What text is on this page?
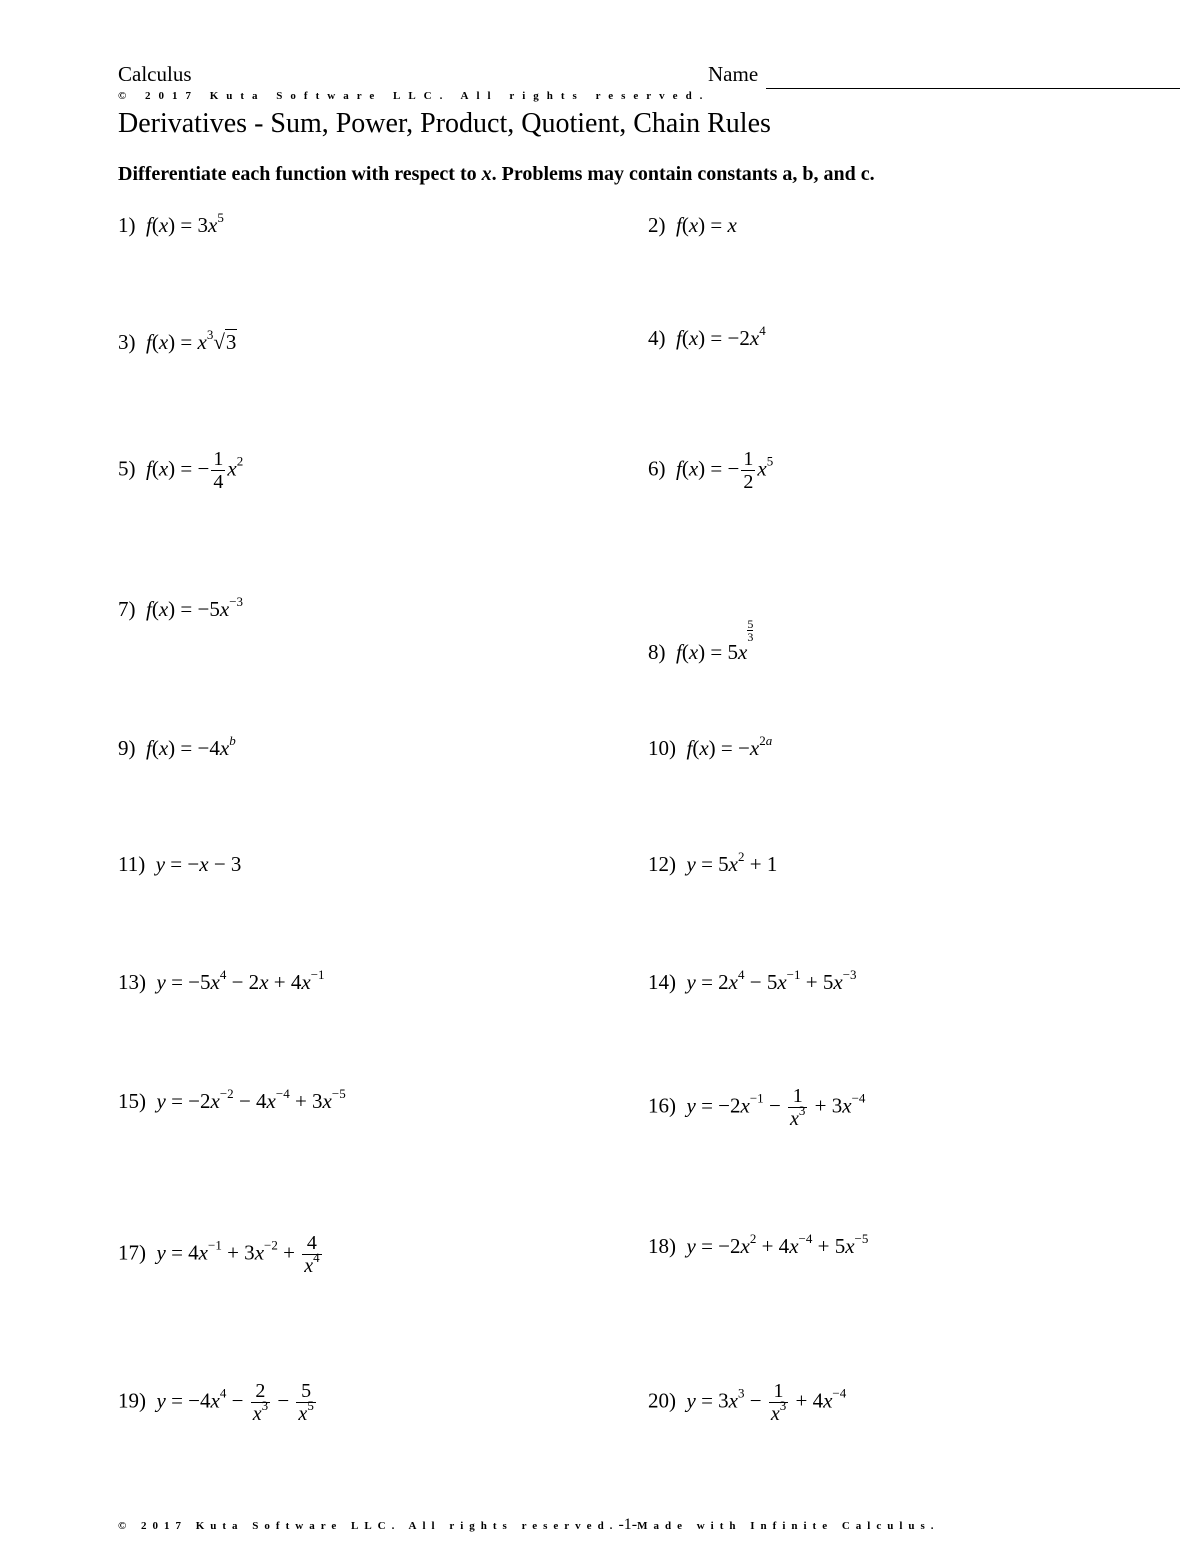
Calculus	Name
© 2017 Kuta Software LLC. All rights reserved.
Derivatives - Sum, Power, Product, Quotient, Chain Rules
Differentiate each function with respect to x. Problems may contain constants a, b, and c.
1) $f(x) = 3x^5$	2) f(x) = x
3) $f(x) = x^3√3$	4) $f(x) = -2x^4$
5) f(x) = − $\frac{1}{4} x^2$	6) f(x) = − $\frac{1}{2} x^5$
7) $f(x) = -5x^{-3}$
8) f(x) = 5x
$\frac{5}{3}$
9) $f(x) = -4x^b$	10) $f(x) = -x^{2a}$
11) y = −x − 3	12) $y = 5x^2 + 1$
13) $y = -5x^4 - 2x + 4x^{-1}$	14) $y = 2x^4 - 5x^{-1} + 5x^{-3}$
15) $y = -2x^{-2} - 4x^{-4} + 3x^{-5}$	16) $y = -2x^{-1} - \frac{1}{x^3} + 3x^{-4}$
17) $y = 4x^{-1} + 3x^{-2} + \frac{4}{x^4}$	18) $y = -2x^2 + 4x^{-4} + 5x^{-5}$
19) $y = -4x^4 - \frac{2}{x^3} - \frac{5}{x^5}$	20) $y = 3x^3 - \frac{1}{x^3} + 4x^{-4}$
© 2017 Kuta Software LLC. All rights reserved.-1-Made with Infinite Calculus.
